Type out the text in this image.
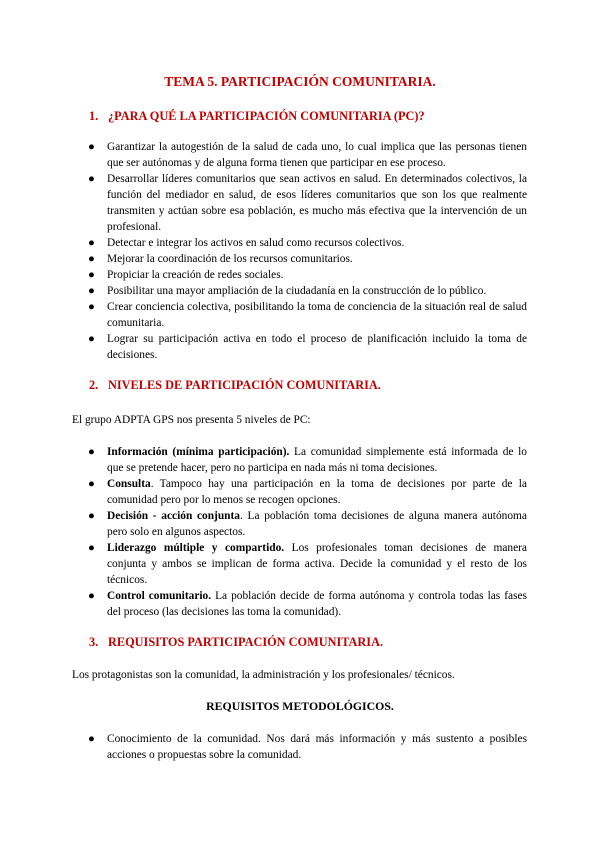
TEMA 5. PARTICIPACIÓN COMUNITARIA.
1. ¿PARA QUÉ LA PARTICIPACIÓN COMUNITARIA (PC)?
● Garantizar la autogestión de la salud de cada uno, lo cual implica que las personas tienen que ser autónomas y de alguna forma tienen que participar en ese proceso.
● Desarrollar líderes comunitarios que sean activos en salud. En determinados colectivos, la función del mediador en salud, de esos líderes comunitarios que son los que realmente transmiten y actúan sobre esa población, es mucho más efectiva que la intervención de un profesional.
● Detectar e integrar los activos en salud como recursos colectivos.
● Mejorar la coordinación de los recursos comunitarios.
● Propiciar la creación de redes sociales.
● Posibilitar una mayor ampliación de la ciudadanía en la construcción de lo público.
● Crear conciencia colectiva, posibilitando la toma de conciencia de la situación real de salud comunitaria.
● Lograr su participación activa en todo el proceso de planificación incluido la toma de decisiones.
2. NIVELES DE PARTICIPACIÓN COMUNITARIA.
El grupo ADPTA GPS nos presenta 5 niveles de PC:
● Información (mínima participación). La comunidad simplemente está informada de lo que se pretende hacer, pero no participa en nada más ni toma decisiones.
● Consulta. Tampoco hay una participación en la toma de decisiones por parte de la comunidad pero por lo menos se recogen opciones.
● Decisión - acción conjunta. La población toma decisiones de alguna manera autónoma pero solo en algunos aspectos.
● Liderazgo múltiple y compartido. Los profesionales toman decisiones de manera conjunta y ambos se implican de forma activa. Decide la comunidad y el resto de los técnicos.
● Control comunitario. La población decide de forma autónoma y controla todas las fases del proceso (las decisiones las toma la comunidad).
3. REQUISITOS PARTICIPACIÓN COMUNITARIA.
Los protagonistas son la comunidad, la administración y los profesionales/ técnicos.
REQUISITOS METODOLÓGICOS.
● Conocimiento de la comunidad. Nos dará más información y más sustento a posibles acciones o propuestas sobre la comunidad.
